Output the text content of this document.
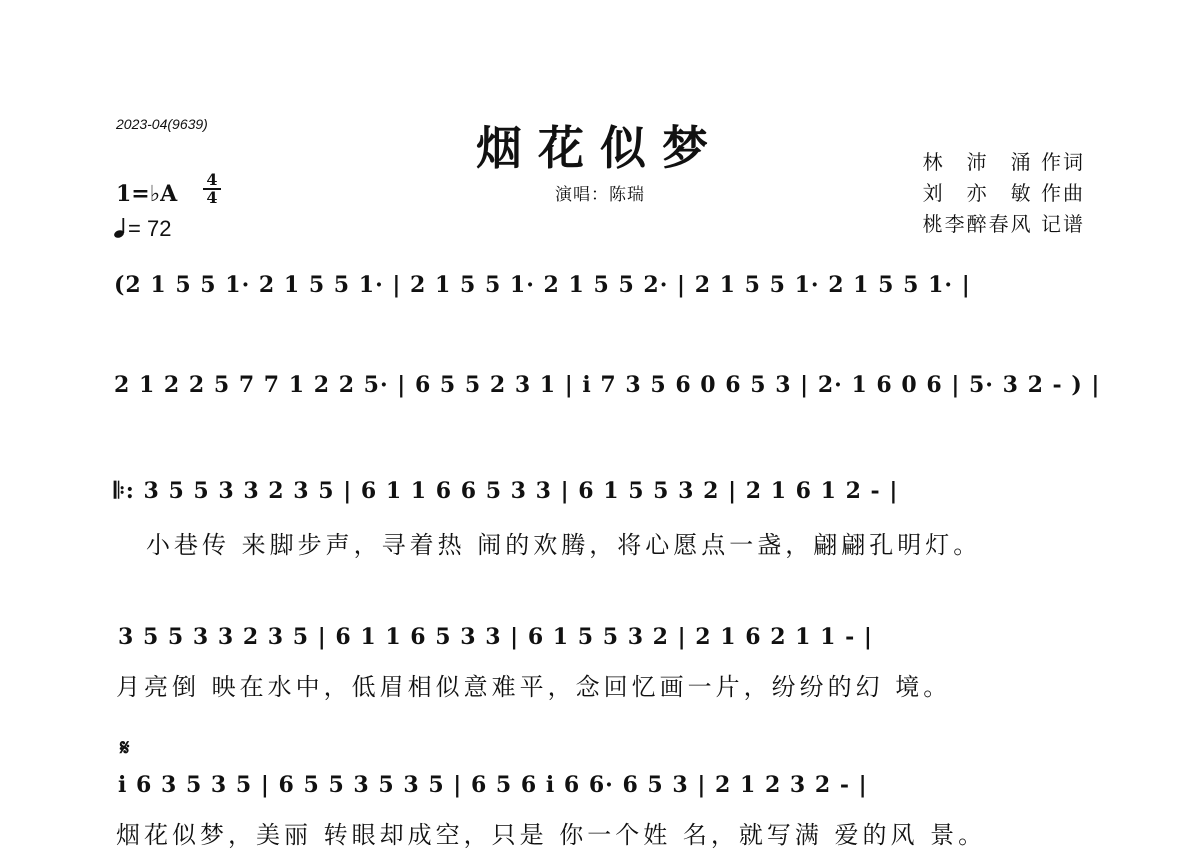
2023-04(9639)	烟花似梦
演唱：陈瑞
林　沛　涌 作词
刘　亦　敏 作曲
桃李醉春风 记谱
1=♭A $\frac{4}{4}$
= 72
(2 1 5 5 1· 2 1 5 5 1· | 2 1 5 5 1· 2 1 5 5 2· | 2 1 5 5 1· 2 1 5 5 1· |
2 1 2 2 5 7 7 1 2 2 5· | 6 5 5 2 3 1 | i 7 3 5 6 0 6 5 3 | 2· 1 6 0 6 | 5· 3 2 - ) |
𝄆: 3 5 5 3 3 2 3 5 | 6 1 1 6 6 5 3 3 | 6 1 5 5 3 2 | 2 1 6 1 2 - |
小巷传 来脚步声，寻着热 闹的欢腾，将心愿点一盏，翩翩孔明灯。
3 5 5 3 3 2 3 5 | 6 1 1 6 5 3 3 | 6 1 5 5 3 2 | 2 1 6 2 1 1 - |
月亮倒 映在水中，低眉相似意难平，念回忆画一片，纷纷的幻 境。
𝄋
i 6 3 5 3 5 | 6 5 5 3 5 3 5 | 6 5 6 i 6 6· 6 5 3 | 2 1 2 3 2 - |
烟花似梦，美丽 转眼却成空，只是 你一个姓 名，就写满 爱的风 景。
